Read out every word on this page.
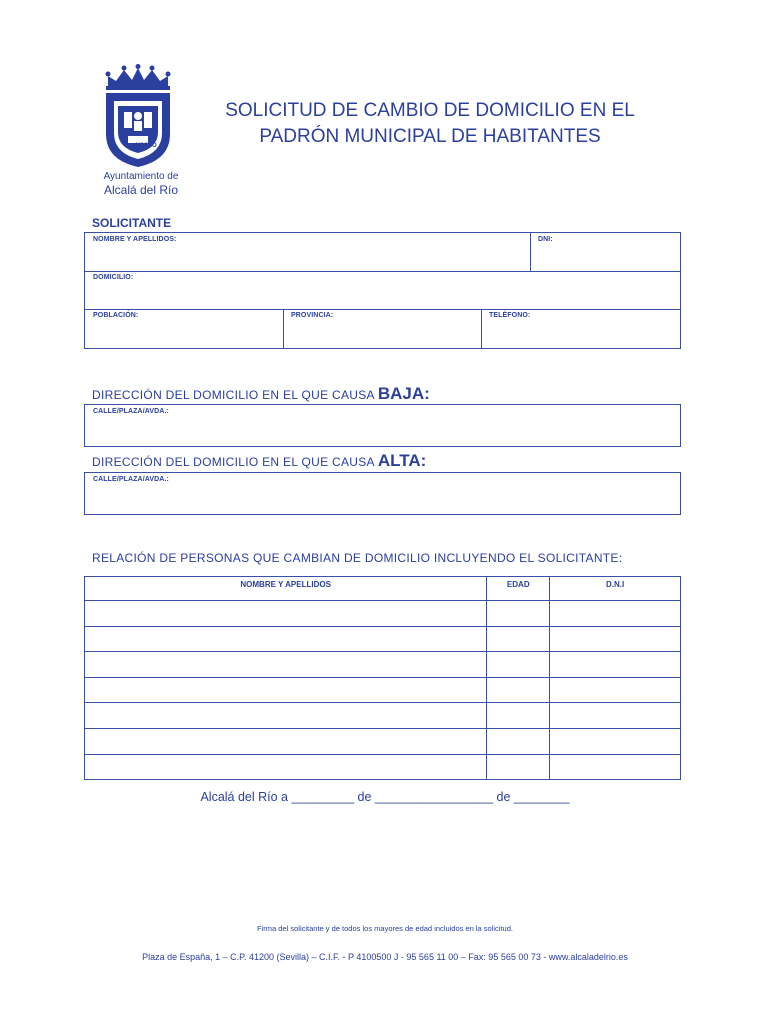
NO8DO
Ayuntamiento de
Alcalá del Río
SOLICITUD DE CAMBIO DE DOMICILIO EN EL
PADRÓN MUNICIPAL DE HABITANTES
SOLICITANTE
NOMBRE Y APELLIDOS:	DNI:
DOMICILIO:
POBLACIÓN:	PROVINCIA:	TELÉFONO:
DIRECCIÓN DEL DOMICILIO EN EL QUE CAUSA BAJA:
CALLE/PLAZA/AVDA.:
DIRECCIÓN DEL DOMICILIO EN EL QUE CAUSA ALTA:
CALLE/PLAZA/AVDA.:
RELACIÓN DE PERSONAS QUE CAMBIAN DE DOMICILIO INCLUYENDO EL SOLICITANTE:
NOMBRE Y APELLIDOS	EDAD	D.N.I

Alcalá del Río a _________ de _________________ de ________
Firma del solicitante y de todos los mayores de edad incluidos en la solicitud.
Plaza de España, 1 – C.P. 41200 (Sevilla) – C.I.F. - P 4100500 J - 95 565 11 00 – Fax: 95 565 00 73 - www.alcaladelrio.es
